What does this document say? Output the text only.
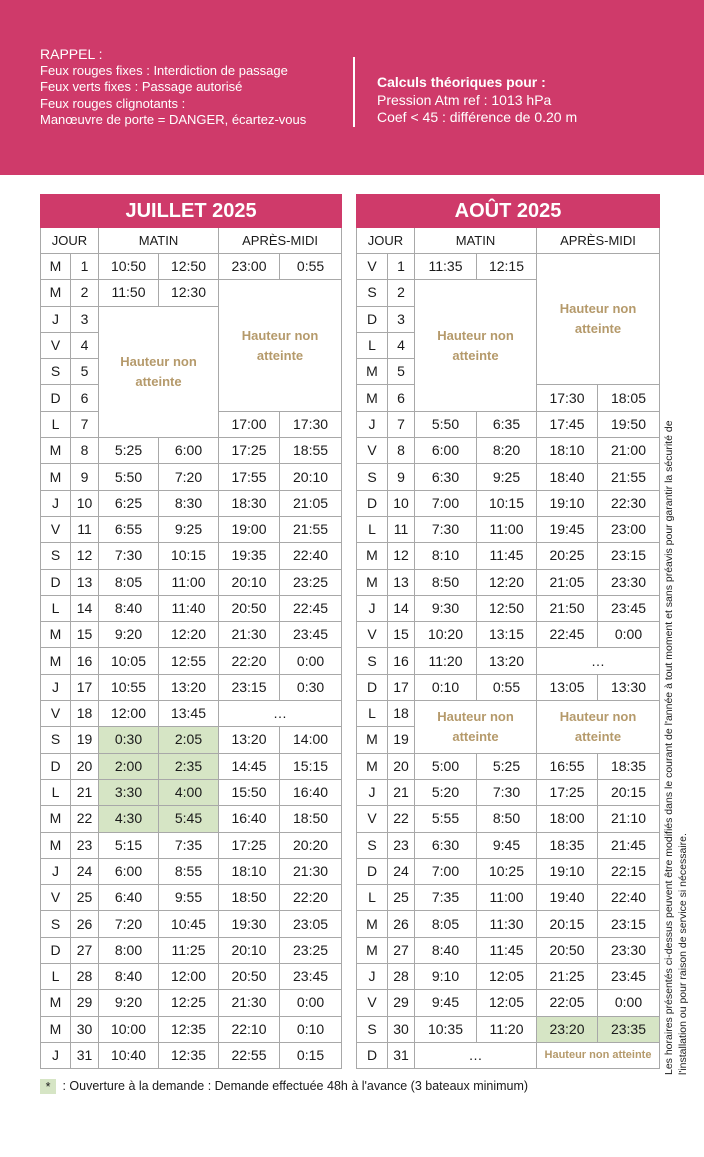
RAPPEL :
Feux rouges fixes : Interdiction de passage
Feux verts fixes : Passage autorisé
Feux rouges clignotants :
Manœuvre de porte = DANGER, écartez-vous
Calculs théoriques pour :
Pression Atm ref : 1013 hPa
Coef < 45 : différence de 0.20 m
JUILLET 2025					
JOUR		MATIN		APRÈS-MIDI	
M	1	10:50	12:50	23:00	0:55
M	2	11:50	12:30	Hauteur non atteinte	
J	3	Hauteur non atteinte			
V	4				
S	5				
D	6				
L	7			17:00	17:30
M	8	5:25	6:00	17:25	18:55
M	9	5:50	7:20	17:55	20:10
J	10	6:25	8:30	18:30	21:05
V	11	6:55	9:25	19:00	21:55
S	12	7:30	10:15	19:35	22:40
D	13	8:05	11:00	20:10	23:25
L	14	8:40	11:40	20:50	22:45
M	15	9:20	12:20	21:30	23:45
M	16	10:05	12:55	22:20	0:00
J	17	10:55	13:20	23:15	0:30
V	18	12:00	13:45	…	
S	19	0:30	2:05	13:20	14:00
D	20	2:00	2:35	14:45	15:15
L	21	3:30	4:00	15:50	16:40
M	22	4:30	5:45	16:40	18:50
M	23	5:15	7:35	17:25	20:20
J	24	6:00	8:55	18:10	21:30
V	25	6:40	9:55	18:50	22:20
S	26	7:20	10:45	19:30	23:05
D	27	8:00	11:25	20:10	23:25
L	28	8:40	12:00	20:50	23:45
M	29	9:20	12:25	21:30	0:00
M	30	10:00	12:35	22:10	0:10
J	31	10:40	12:35	22:55	0:15
AOÛT 2025					
JOUR		MATIN		APRÈS-MIDI	
V	1	11:35	12:15	Hauteur non atteinte	
S	2	Hauteur non atteinte			
D	3				
L	4				
M	5				
M	6			17:30	18:05
J	7	5:50	6:35	17:45	19:50
V	8	6:00	8:20	18:10	21:00
S	9	6:30	9:25	18:40	21:55
D	10	7:00	10:15	19:10	22:30
L	11	7:30	11:00	19:45	23:00
M	12	8:10	11:45	20:25	23:15
M	13	8:50	12:20	21:05	23:30
J	14	9:30	12:50	21:50	23:45
V	15	10:20	13:15	22:45	0:00
S	16	11:20	13:20	…	
D	17	0:10	0:55	13:05	13:30
L	18	Hauteur non atteinte		Hauteur non atteinte	
M	19				
M	20	5:00	5:25	16:55	18:35
J	21	5:20	7:30	17:25	20:15
V	22	5:55	8:50	18:00	21:10
S	23	6:30	9:45	18:35	21:45
D	24	7:00	10:25	19:10	22:15
L	25	7:35	11:00	19:40	22:40
M	26	8:05	11:30	20:15	23:15
M	27	8:40	11:45	20:50	23:30
J	28	9:10	12:05	21:25	23:45
V	29	9:45	12:05	22:05	0:00
S	30	10:35	11:20	23:20	23:35
D	31	…		Hauteur non atteinte	Les horaires présentés ci-dessus peuvent être modifiés dans le courant de l'année à tout moment et sans préavis pour garantir la sécurité de l'installation ou pour raison de service si nécessaire.
* : Ouverture à la demande : Demande effectuée 48h à l'avance (3 bateaux minimum)
